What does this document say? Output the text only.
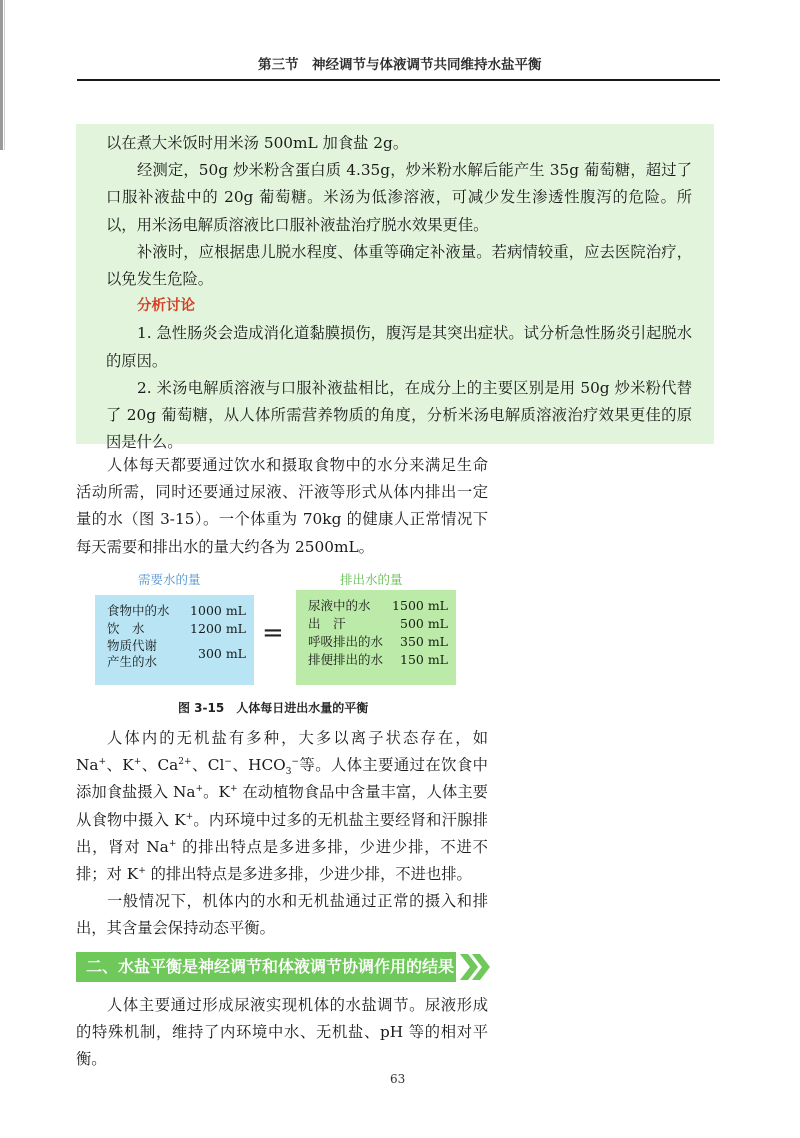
第三节　神经调节与体液调节共同维持水盐平衡

以在煮大米饭时用米汤 500mL 加食盐 2g。

经测定，50g 炒米粉含蛋白质 4.35g，炒米粉水解后能产生 35g 葡萄糖，超过了口服补液盐中的 20g 葡萄糖。米汤为低渗溶液，可减少发生渗透性腹泻的危险。所以，用米汤电解质溶液比口服补液盐治疗脱水效果更佳。

补液时，应根据患儿脱水程度、体重等确定补液量。若病情较重，应去医院治疗，以免发生危险。

分析讨论

1. 急性肠炎会造成消化道黏膜损伤，腹泻是其突出症状。试分析急性肠炎引起脱水的原因。

2. 米汤电解质溶液与口服补液盐相比，在成分上的主要区别是用 50g 炒米粉代替了 20g 葡萄糖，从人体所需营养物质的角度，分析米汤电解质溶液治疗效果更佳的原因是什么。

人体每天都要通过饮水和摄取食物中的水分来满足生命活动所需，同时还要通过尿液、汗液等形式从体内排出一定量的水（图 3-15）。一个体重为 70kg 的健康人正常情况下每天需要和排出水的量大约各为 2500mL。

需要水的量	排出水的量
食物中的水 1000 mL
饮　水	1200 mL
物质代谢
产生的水
300 mL
=
尿液中的水 1500 mL
出　汗	500 mL
呼吸排出的水 350 mL
排便排出的水 150 mL
图 3-15　人体每日进出水量的平衡

人体内的无机盐有多种，大多以离子状态存在，如Na+、K+、$Ca^{2+}$、Cl−、$HCO_3^-$等。人体主要通过在饮食中添加食盐摄入 Na+。K+ 在动植物食品中含量丰富，人体主要从食物中摄入 K+。内环境中过多的无机盐主要经肾和汗腺排出，肾对 Na+ 的排出特点是多进多排，少进少排，不进不排；对 K+ 的排出特点是多进多排，少进少排，不进也排。

一般情况下，机体内的水和无机盐通过正常的摄入和排出，其含量会保持动态平衡。

二、水盐平衡是神经调节和体液调节协调作用的结果

人体主要通过形成尿液实现机体的水盐调节。尿液形成的特殊机制，维持了内环境中水、无机盐、pH 等的相对平衡。

63
